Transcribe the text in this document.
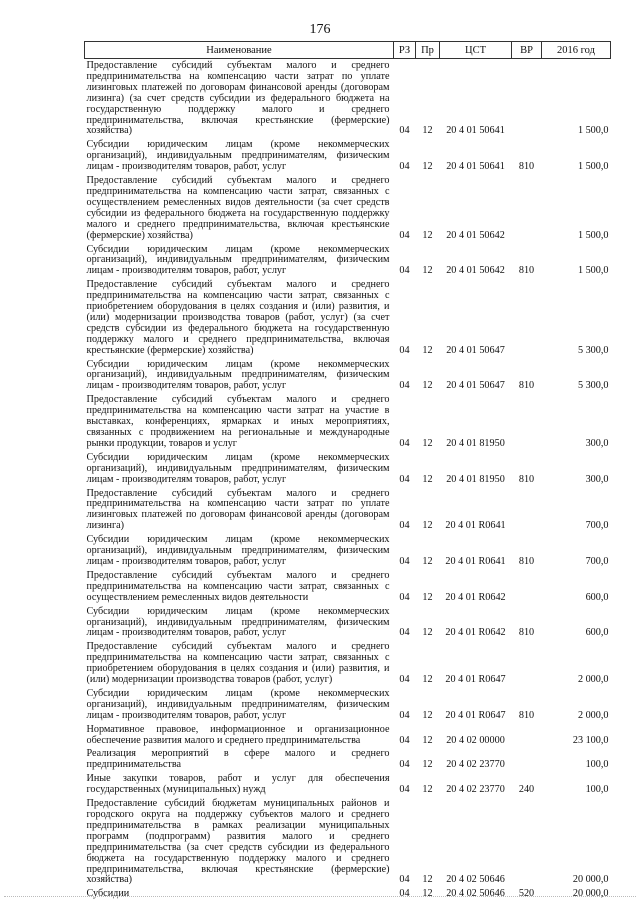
176
Наименование	РЗ	Пр	ЦСТ	ВР	2016 год
Предоставление субсидий субъектам малого и среднего предпринимательства на компенсацию части затрат по уплате лизинговых платежей по договорам финансовой аренды (договорам лизинга) (за счет средств субсидии из федерального бюджета на государственную поддержку малого и среднего предпринимательства, включая крестьянские (фермерские) хозяйства)	04	12	20 4 01 50641		1 500,0
Субсидии юридическим лицам (кроме некоммерческих организаций), индивидуальным предпринимателям, физическим лицам - производителям товаров, работ, услуг	04	12	20 4 01 50641	810	1 500,0
Предоставление субсидий субъектам малого и среднего предпринимательства на компенсацию части затрат, связанных с осуществлением ремесленных видов деятельности (за счет средств субсидии из федерального бюджета на государственную поддержку малого и среднего предпринимательства, включая крестьянские (фермерские) хозяйства)	04	12	20 4 01 50642		1 500,0
Субсидии юридическим лицам (кроме некоммерческих организаций), индивидуальным предпринимателям, физическим лицам - производителям товаров, работ, услуг	04	12	20 4 01 50642	810	1 500,0
Предоставление субсидий субъектам малого и среднего предпринимательства на компенсацию части затрат, связанных с приобретением оборудования в целях создания и (или) развития, и (или) модернизации производства товаров (работ, услуг) (за счет средств субсидии из федерального бюджета на государственную поддержку малого и среднего предпринимательства, включая крестьянские (фермерские) хозяйства)	04	12	20 4 01 50647		5 300,0
Субсидии юридическим лицам (кроме некоммерческих организаций), индивидуальным предпринимателям, физическим лицам - производителям товаров, работ, услуг	04	12	20 4 01 50647	810	5 300,0
Предоставление субсидий субъектам малого и среднего предпринимательства на компенсацию части затрат на участие в выставках, конференциях, ярмарках и иных мероприятиях, связанных с продвижением на региональные и международные рынки продукции, товаров и услуг	04	12	20 4 01 81950		300,0
Субсидии юридическим лицам (кроме некоммерческих организаций), индивидуальным предпринимателям, физическим лицам - производителям товаров, работ, услуг	04	12	20 4 01 81950	810	300,0
Предоставление субсидий субъектам малого и среднего предпринимательства на компенсацию части затрат по уплате лизинговых платежей по договорам финансовой аренды (договорам лизинга)	04	12	20 4 01 R0641		700,0
Субсидии юридическим лицам (кроме некоммерческих организаций), индивидуальным предпринимателям, физическим лицам - производителям товаров, работ, услуг	04	12	20 4 01 R0641	810	700,0
Предоставление субсидий субъектам малого и среднего предпринимательства на компенсацию части затрат, связанных с осуществлением ремесленных видов деятельности	04	12	20 4 01 R0642		600,0
Субсидии юридическим лицам (кроме некоммерческих организаций), индивидуальным предпринимателям, физическим лицам - производителям товаров, работ, услуг	04	12	20 4 01 R0642	810	600,0
Предоставление субсидий субъектам малого и среднего предпринимательства на компенсацию части затрат, связанных с приобретением оборудования в целях создания и (или) развития, и (или) модернизации производства товаров (работ, услуг)	04	12	20 4 01 R0647		2 000,0
Субсидии юридическим лицам (кроме некоммерческих организаций), индивидуальным предпринимателям, физическим лицам - производителям товаров, работ, услуг	04	12	20 4 01 R0647	810	2 000,0
Нормативное правовое, информационное и организационное обеспечение развития малого и среднего предпринимательства	04	12	20 4 02 00000		23 100,0
Реализация мероприятий в сфере малого и среднего предпринимательства	04	12	20 4 02 23770		100,0
Иные закупки товаров, работ и услуг для обеспечения государственных (муниципальных) нужд	04	12	20 4 02 23770	240	100,0
Предоставление субсидий бюджетам муниципальных районов и городского округа на поддержку субъектов малого и среднего предпринимательства в рамках реализации муниципальных программ (подпрограмм) развития малого и среднего предпринимательства (за счет средств субсидии из федерального бюджета на государственную поддержку малого и среднего предпринимательства, включая крестьянские (фермерские) хозяйства)	04	12	20 4 02 50646		20 000,0
Субсидии	04	12	20 4 02 50646	520	20 000,0
